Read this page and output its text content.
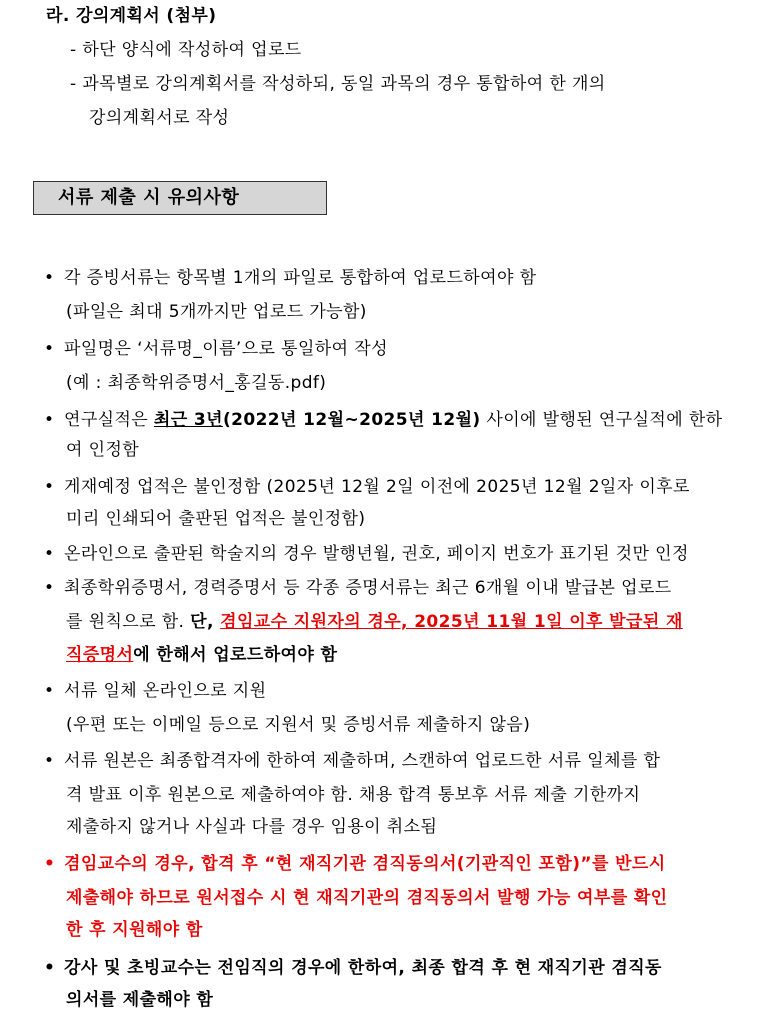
라. 강의계획서 (첨부)
- 하단 양식에 작성하여 업로드
- 과목별로 강의계획서를 작성하되, 동일 과목의 경우 통합하여 한 개의
강의계획서로 작성
서류 제출 시 유의사항
• 각 증빙서류는 항목별 1개의 파일로 통합하여 업로드하여야 함
(파일은 최대 5개까지만 업로드 가능함)
• 파일명은 ‘서류명_이름’으로 통일하여 작성
(예 : 최종학위증명서_홍길동.pdf)
• 연구실적은 최근 3년(2022년 12월~2025년 12월) 사이에 발행된 연구실적에 한하
여 인정함
• 게재예정 업적은 불인정함 (2025년 12월 2일 이전에 2025년 12월 2일자 이후로
미리 인쇄되어 출판된 업적은 불인정함)
• 온라인으로 출판된 학술지의 경우 발행년월, 권호, 페이지 번호가 표기된 것만 인정
• 최종학위증명서, 경력증명서 등 각종 증명서류는 최근 6개월 이내 발급본 업로드
를 원칙으로 함. 단, 겸임교수 지원자의 경우, 2025년 11월 1일 이후 발급된 재
직증명서에 한해서 업로드하여야 함
• 서류 일체 온라인으로 지원
(우편 또는 이메일 등으로 지원서 및 증빙서류 제출하지 않음)
• 서류 원본은 최종합격자에 한하여 제출하며, 스캔하여 업로드한 서류 일체를 합
격 발표 이후 원본으로 제출하여야 함. 채용 합격 통보후 서류 제출 기한까지
제출하지 않거나 사실과 다를 경우 임용이 취소됨
• 겸임교수의 경우, 합격 후 “현 재직기관 겸직동의서(기관직인 포함)”를 반드시
제출해야 하므로 원서접수 시 현 재직기관의 겸직동의서 발행 가능 여부를 확인
한 후 지원해야 함
• 강사 및 초빙교수는 전임직의 경우에 한하여, 최종 합격 후 현 재직기관 겸직동
의서를 제출해야 함
